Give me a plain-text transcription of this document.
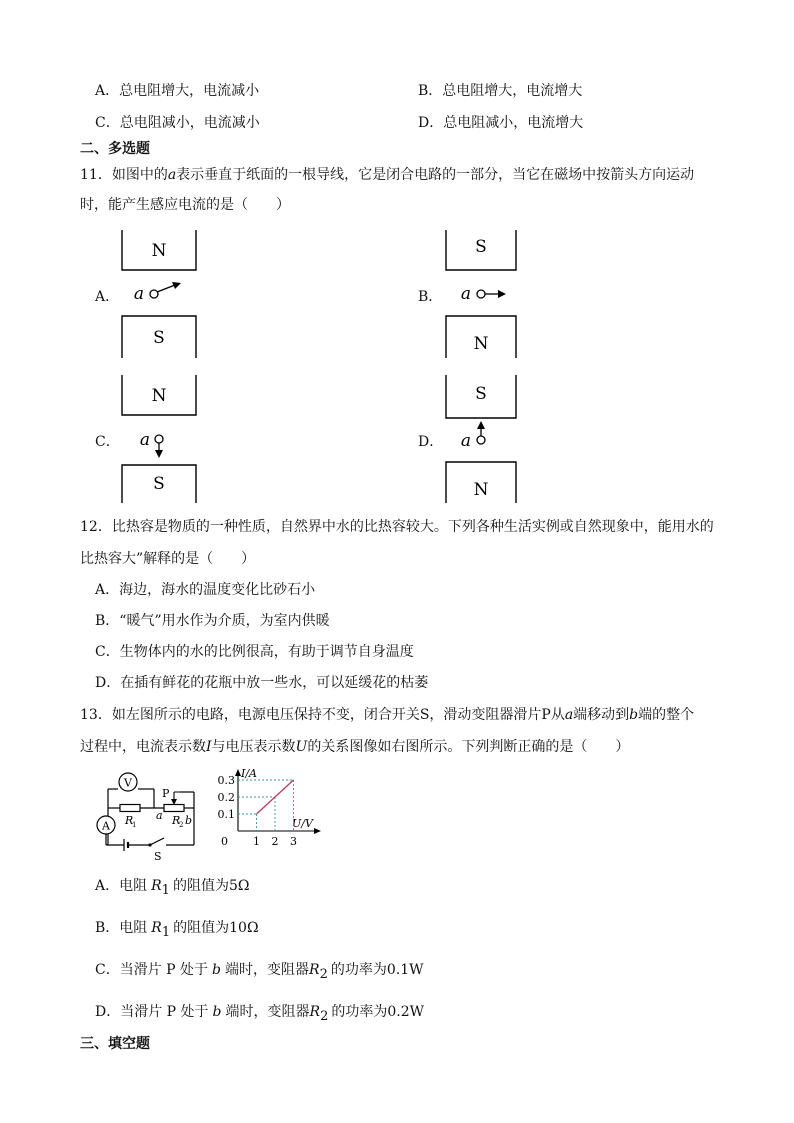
A．总电阻增大，电流减小	B．总电阻增大，电流增大
C．总电阻减小，电流减小	D．总电阻减小，电流增大
二、多选题
11．如图中的𝑎表示垂直于纸面的一根导线，它是闭合电路的一部分，当它在磁场中按箭头方向运动
时，能产生感应电流的是（　　）
A．
N
a
S
B．
S
a
N
C．
N
a
S
D．
S
a
N
12．比热容是物质的一种性质，自然界中水的比热容较大。下列各种生活实例或自然现象中，能用水的
比热容大”解释的是（　　）
A．海边，海水的温度变化比砂石小
B．“暖气”用水作为介质，为室内供暖
C．生物体内的水的比例很高，有助于调节自身温度
D．在插有鲜花的花瓶中放一些水，可以延缓花的枯萎
13．如左图所示的电路，电源电压保持不变，闭合开关S，滑动变阻器滑片P从𝑎端移动到𝑏端的整个
过程中，电流表示数𝐼与电压表示数𝑈的关系图像如右图所示。下列判断正确的是（　　）
V
R
1
P
a R
2 b
A
S
I/A
U/V
0 1 2 3
0.1
0.2
0.3
A．电阻 $R_1$ 的阻值为5Ω
B．电阻 $R_1$ 的阻值为10Ω
C．当滑片 P 处于 b 端时，变阻器$R_2$ 的功率为0.1W
D．当滑片 P 处于 b 端时，变阻器$R_2$ 的功率为0.2W
三、填空题
